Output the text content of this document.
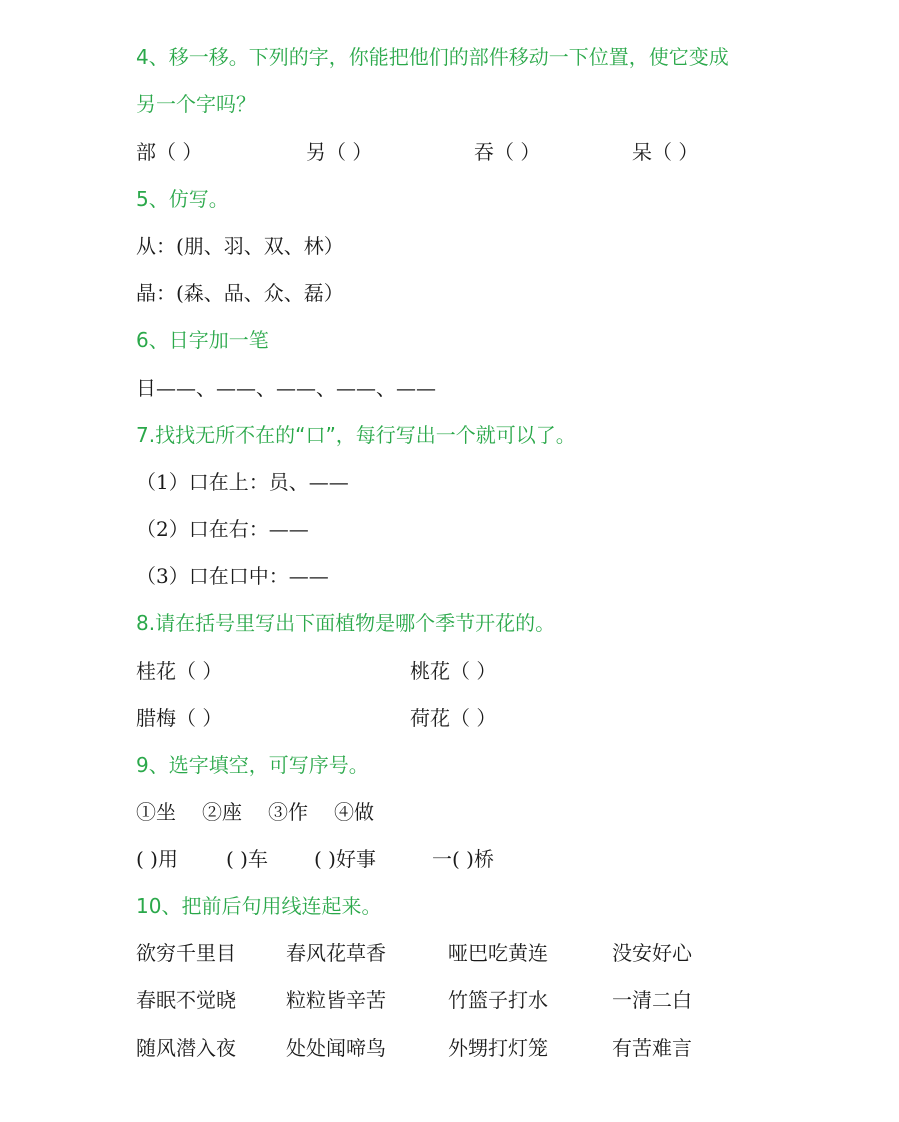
4、移一移。下列的字，你能把他们的部件移动一下位置，使它变成
另一个字吗？
部（ ）	另（ ）	吞（ ）	呆（ ）
5、仿写。
从：(朋、羽、双、林）
晶：(森、品、众、磊）
6、日字加一笔
日——、——、——、——、——
7.找找无所不在的“口”，每行写出一个就可以了。
（1）口在上：员、——
（2）口在右：——
（3）口在口中：——
8.请在括号里写出下面植物是哪个季节开花的。
桂花（ ）	桃花（ ）
腊梅（ ）	荷花（ ）
9、选字填空，可写序号。
①坐 ②座 ③作 ④做
( )用 ( )车 ( )好事	一( )桥
10、把前后句用线连起来。
欲穷千里目	春风花草香	哑巴吃黄连	没安好心
春眠不觉晓	粒粒皆辛苦	竹篮子打水	一清二白
随风潜入夜	处处闻啼鸟	外甥打灯笼	有苦难言
